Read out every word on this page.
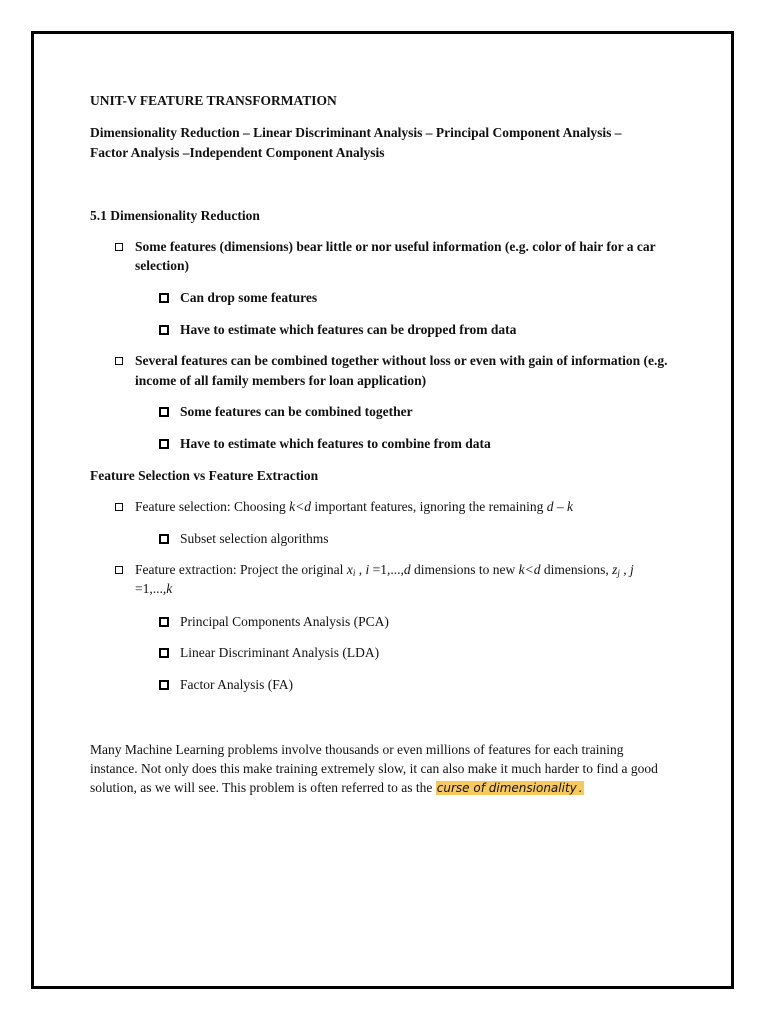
UNIT-V FEATURE TRANSFORMATION
Dimensionality Reduction – Linear Discriminant Analysis – Principal Component Analysis –
Factor Analysis –Independent Component Analysis
5.1 Dimensionality Reduction
Some features (dimensions) bear little or nor useful information (e.g. color of hair for a car
selection)
Can drop some features
Have to estimate which features can be dropped from data
Several features can be combined together without loss or even with gain of information (e.g.
income of all family members for loan application)
Some features can be combined together
Have to estimate which features to combine from data
Feature Selection vs Feature Extraction
Feature selection: Choosing k<d important features, ignoring the remaining d – k
Subset selection algorithms
Feature extraction: Project the original $x_i$ , i =1,...,d dimensions to new k<d dimensions, $z_j$ , j
=1,...,k
Principal Components Analysis (PCA)
Linear Discriminant Analysis (LDA)
Factor Analysis (FA)
Many Machine Learning problems involve thousands or even millions of features for each training
instance. Not only does this make training extremely slow, it can also make it much harder to find a good
solution, as we will see. This problem is often referred to as the curse of dimensionality .
